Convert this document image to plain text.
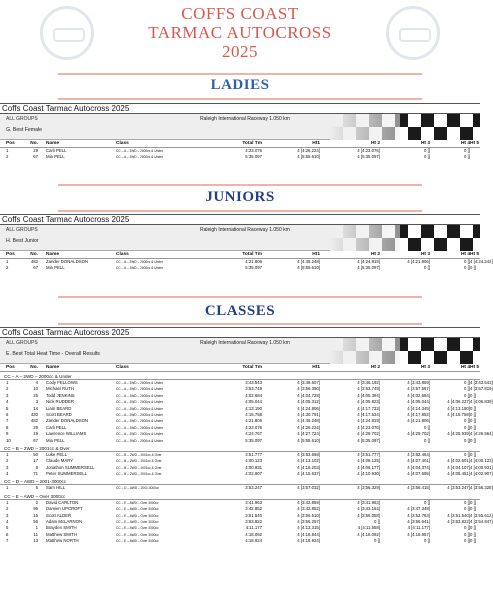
COFFS COAST
TARMAC AUTOCROSS
2025
LADIES
Coffs Coast Tarmac Autocross 2025
ALL GROUPS
G. Best Female
Raleigh International Raceway 1.050 km
Pos	No. Name	Class	Total Tm	Ht1	Ht 2	Ht 3	Ht 4 Ht 5
1	29 Carli PELL	CC – A – 2WD – 2000cc & Under	4:23.076	4 [4:26.224]	4 [4:23.076]	0 []	0 []
2	67 Mia PELL	CC – A – 2WD – 2000cc & Under	5:35.097	4 [5:55.610]	4 [5:35.097]	0 []	0 []
JUNIORS
Coffs Coast Tarmac Autocross 2025
ALL GROUPS
H. Best Junior
Raleigh International Raceway 1.050 km
Pos	No. Name	Class	Total Tm	Ht1	Ht 2	Ht 3	Ht 4 Ht 5
1	482 Zander DONALDSON	CC – A – 2WD – 2000cc & Under	4:21.806	4 [4:45.248]	4 [4:24.819]	4 [4:21.806]	0 [] 4 [4:24.242]
2	67 Mia PELL	CC – A – 2WD – 2000cc & Under	5:35.097	4 [5:55.610]	4 [5:35.097]	0 []	0 [] 0 []
CLASSES
Coffs Coast Tarmac Autocross 2025
ALL GROUPS
E. Best Total Heat Time - Overall Results
Raleigh International Raceway 1.050 km
Pos	No. Name	Class	Total Tm	Ht1	Ht 2	Ht 3	Ht 4 Ht 5
CC – A – 2WD – 2000cc & Under
1	4 Cody FELLOWS	CC – A – 2WD – 2000cc & Under	3:43.543	4 [3:48.607]	4 [3:46.192]	4 [3:43.869]	0 [] 4 [3:43.543]
2	10 Michael RUTH	CC – A – 2WD – 2000cc & Under	3:53.749	4 [3:56.350]	4 [3:53.749]	4 [3:57.567]	0 [] 4 [3:57.819]
3	25 Todd JENKINS	CC – A – 2WD – 2000cc & Under	4:02.684	4 [4:04.728]	4 [4:05.394]	4 [4:02.684]	0 [] 0 []
4	3 Nick RUDDER	CC – A – 2WD – 2000cc & Under	4:05.044	4 [4:05.312]	4 [4:05.823]	4 [4:05.044]	4 [4:06.237] 4 [4:06.839]
5	14 Liam BEARD	CC – A – 2WD – 2000cc & Under	4:13.190	4 [4:24.806]	4 [4:17.733]	4 [4:14.345]	4 [4:13.190] 0 []
6	430 Scott BEARD	CC – A – 2WD – 2000cc & Under	4:15.758	4 [4:30.791]	4 [4:17.534]	4 [4:17.852]	4 [4:15.758] 0 []
7	482 Zander DONALDSON	CC – A – 2WD – 2000cc & Under	4:21.806	4 [4:45.248]	4 [4:24.819]	4 [4:21.806]	0 [] 0 []
8	29 Carli PELL	CC – A – 2WD – 2000cc & Under	4:23.076	4 [4:26.224]	4 [4:23.076]	0 []	0 [] 0 []
9	19 Lawrence WILLIAMS	CC – A – 2WD – 2000cc & Under	4:24.767	4 [4:27.724]	4 [4:29.702]	4 [4:29.702]	4 [4:25.939] 4 [4:26.564]
10	67 Mia PELL	CC – A – 2WD – 2000cc & Under	5:35.097	4 [5:55.610]	4 [5:35.097]	0 []	0 [] 0 []
CC – B – 2WD – 2001cc & Over
1	50 Luke PELL	CC – B – 2WD – 2001cc & Over	3:51.777	4 [3:53.668]	4 [3:51.777]	4 [3:52.464]	0 [] 0 []
2	17 Claude MARY	CC – B – 2WD – 2001cc & Over	4:00.123	4 [4:13.102]	4 [4:08.125]	4 [4:07.401]	4 [4:02.501] 4 [4:00.123]
3	9 Jonathon SUMMERSELL	CC – B – 2WD – 2001cc & Over	4:00.931	4 [4:16.203]	4 [4:06.177]	4 [4:04.374]	4 [4:04.107] 4 [4:00.931]
4	71 Peter SUMMERSELL	CC – B – 2WD – 2001cc & Over	4:02.907	4 [4:15.637]	4 [4:10.930]	4 [4:07.595]	4 [4:05.451] 4 [4:02.907]
CC – D – AWD – 2001-3000cc
1	6 Sam HILL	CC – D – AWD – 2001-3000cc	3:53.247	4 [3:57.032]	4 [3:56.329]	4 [3:56.415]	4 [3:53.247] 4 [3:56.328]
CC – E – AWD – Over 3000cc
1	2 David CARLTON	CC – E – AWD – Over 3000cc	3:41.963	4 [3:42.859]	4 [3:41.963]	0 []	0 [] 0 []
2	95 Damien UPCROFT	CC – E – AWD – Over 3000cc	3:42.852	4 [3:42.852]	4 [3:43.164]	4 [3:47.348]	0 [] 0 []
3	15 Scott ALDER	CC – E – AWD – Over 3000cc	3:51.540	4 [3:56.510]	4 [3:56.058]	4 [3:52.783]	4 [3:51.540] 4 [3:55.612]
4	56 Adam McLARNON	CC – E – AWD – Over 3000cc	3:53.822	4 [3:56.257]	0 []	4 [3:56.641]	4 [3:53.822] 4 [3:54.847]
5	1 Brayden SMITH	CC – E – AWD – Over 3000cc	4:11.177	4 [4:12.315]	4 [4:11.558]	4 [4:11.177]	0 [] 0 []
6	11 Matthew SMITH	CC – E – AWD – Over 3000cc	4:18.092	4 [4:18.844]	4 [4:18.092]	4 [4:18.957]	0 [] 0 []
7	13 Matthew NORTH	CC – E – AWD – Over 3000cc	4:18.924	4 [4:18.924]	0 []	0 []	0 [] 0 []
